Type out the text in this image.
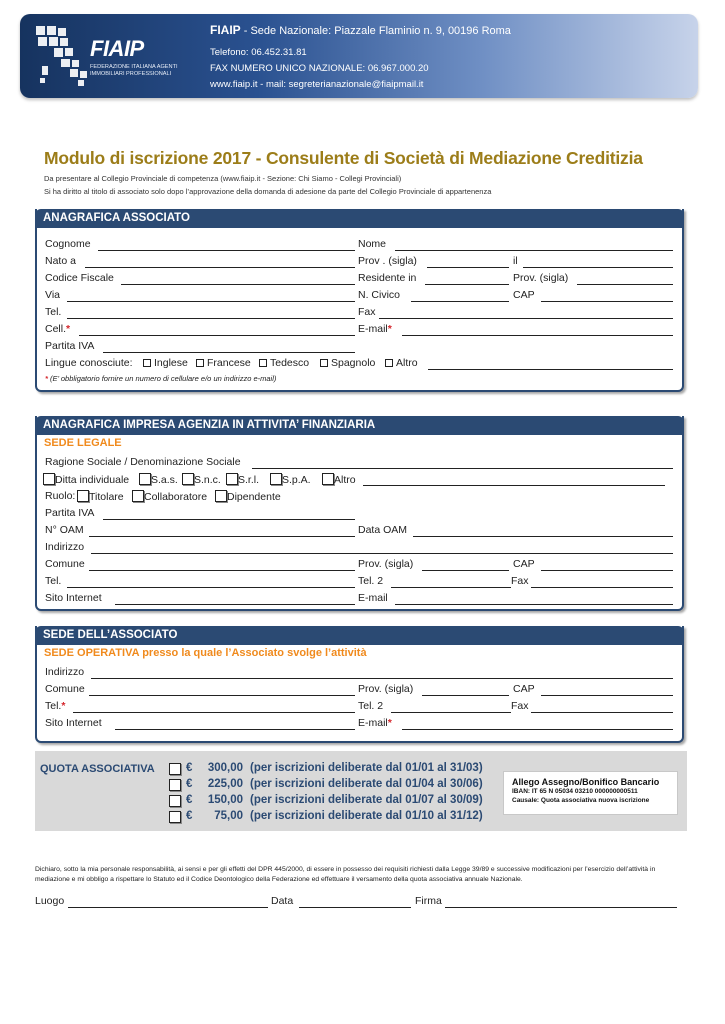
FIAIP
FEDERAZIONE ITALIANA AGENTI IMMOBILIARI PROFESSIONALI
FIAIP - Sede Nazionale: Piazzale Flaminio n. 9, 00196 Roma
Telefono: 06.452.31.81
FAX NUMERO UNICO NAZIONALE: 06.967.000.20
www.fiaip.it - mail: segreterianazionale@fiaipmail.it
Modulo di iscrizione 2017 - Consulente di Società di Mediazione Creditizia
Da presentare al Collegio Provinciale di competenza (www.fiaip.it - Sezione: Chi Siamo - Collegi Provinciali)
Si ha diritto al titolo di associato solo dopo l’approvazione della domanda di adesione da parte del Collegio Provinciale di appartenenza
ANAGRAFICA ASSOCIATO
Cognome	Nome
Nato a	Prov . (sigla)	il
Codice Fiscale	Residente in	Prov. (sigla)
Via	N. Civico	CAP
Tel.	Fax
Cell.*	E-mail*
Partita IVA
Lingue conosciute:	Inglese	Francese	Tedesco	Spagnolo	Altro
* (E’ obbligatorio fornire un numero di cellulare e/o un indirizzo e-mail)
ANAGRAFICA IMPRESA AGENZIA IN ATTIVITA’ FINANZIARIA
SEDE LEGALE
Ragione Sociale / Denominazione Sociale
Ditta individuale	S.a.s.	S.n.c.	S.r.l.	S.p.A.	Altro
Ruolo:	Titolare	Collaboratore	Dipendente
Partita IVA
N° OAM	Data OAM
Indirizzo
Comune	Prov. (sigla)	CAP
Tel.	Tel. 2	Fax
Sito Internet	E-mail
SEDE DELL’ASSOCIATO
SEDE OPERATIVA presso la quale l’Associato svolge l’attività
Indirizzo
Comune	Prov. (sigla)	CAP
Tel.*	Tel. 2	Fax
Sito Internet	E-mail*
QUOTA ASSOCIATIVA	€	300,00 (per iscrizioni deliberate dal 01/01 al 31/03)
€	225,00 (per iscrizioni deliberate dal 01/04 al 30/06)
€	150,00 (per iscrizioni deliberate dal 01/07 al 30/09)
€	75,00 (per iscrizioni deliberate dal 01/10 al 31/12)
Allego Assegno/Bonifico Bancario
IBAN: IT 65 N 05034 03210 000000000511
Causale: Quota associativa nuova iscrizione
Dichiaro, sotto la mia personale responsabilità, ai sensi e per gli effetti del DPR 445/2000, di essere in possesso dei requisiti richiesti dalla Legge 39/89 e successive modificazioni per l’esercizio dell’attività in mediazione e mi obbligo a rispettare lo Statuto ed il Codice Deontologico della Federazione ed effettuare il versamento della quota associativa annuale Nazionale.
Luogo	Data	Firma
